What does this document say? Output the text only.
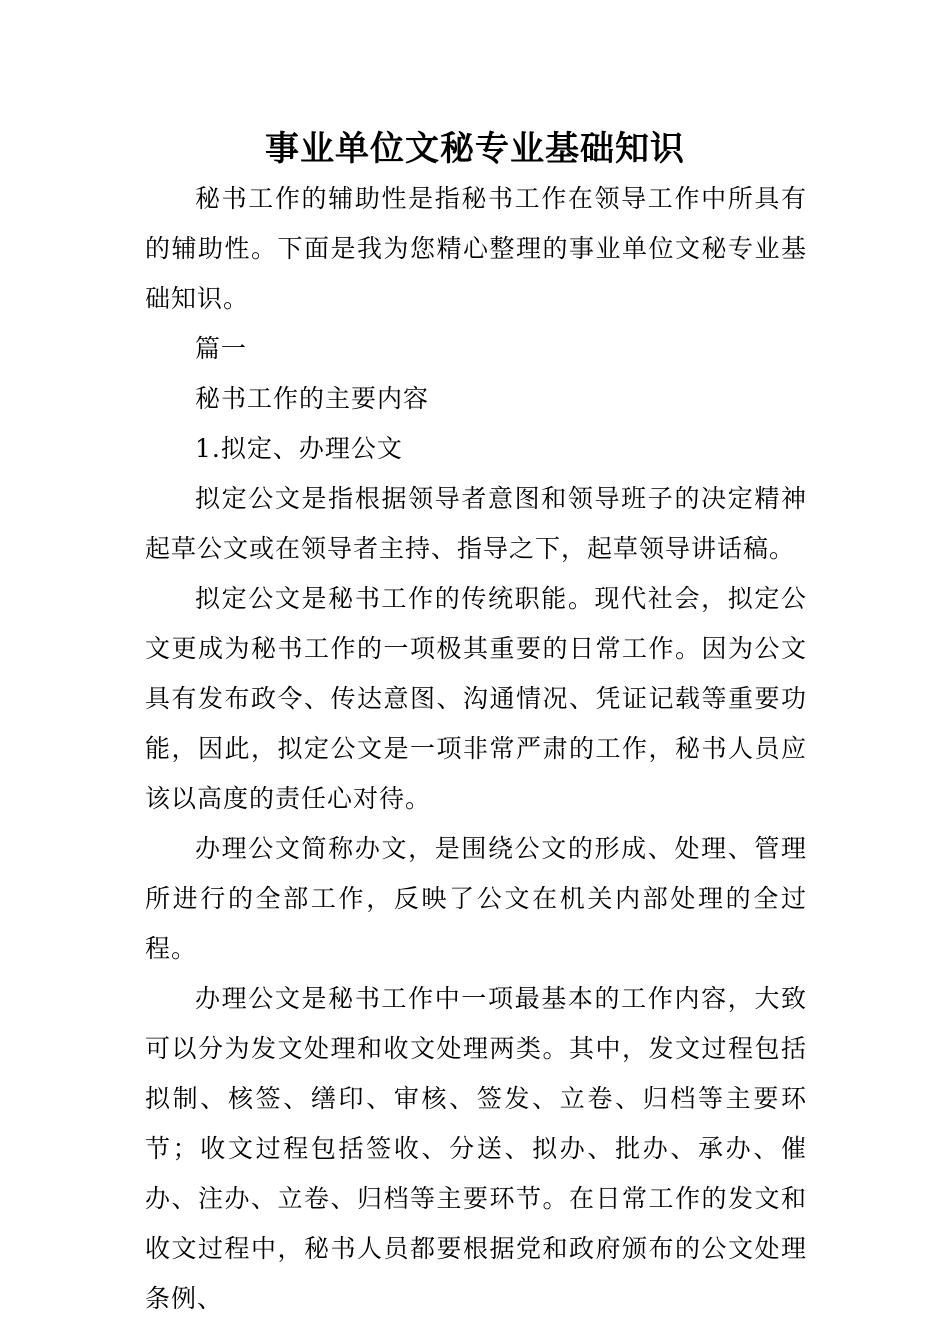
事业单位文秘专业基础知识

秘书工作的辅助性是指秘书工作在领导工作中所具有的辅助性。下面是我为您精心整理的事业单位文秘专业基础知识。

篇一

秘书工作的主要内容

1.拟定、办理公文

拟定公文是指根据领导者意图和领导班子的决定精神起草公文或在领导者主持、指导之下，起草领导讲话稿。

拟定公文是秘书工作的传统职能。现代社会，拟定公文更成为秘书工作的一项极其重要的日常工作。因为公文具有发布政令、传达意图、沟通情况、凭证记载等重要功能，因此，拟定公文是一项非常严肃的工作，秘书人员应该以高度的责任心对待。

办理公文简称办文，是围绕公文的形成、处理、管理所进行的全部工作，反映了公文在机关内部处理的全过程。

办理公文是秘书工作中一项最基本的工作内容，大致可以分为发文处理和收文处理两类。其中，发文过程包括拟制、核签、缮印、审核、签发、立卷、归档等主要环节；收文过程包括签收、分送、拟办、批办、承办、催办、注办、立卷、归档等主要环节。在日常工作的发文和收文过程中，秘书人员都要根据党和政府颁布的公文处理条例、
